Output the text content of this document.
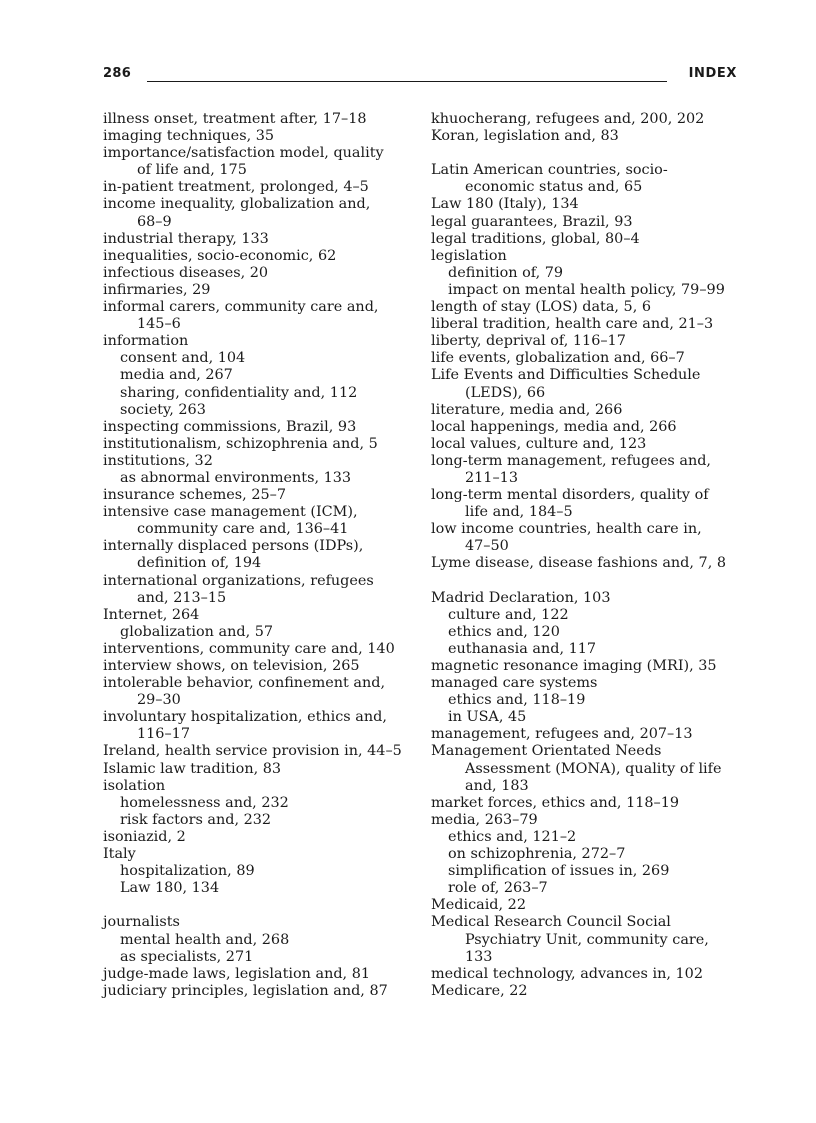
286	INDEX
illness onset, treatment after, 17–18
imaging techniques, 35
importance/satisfaction model, quality
of life and, 175
in-patient treatment, prolonged, 4–5
income inequality, globalization and,
68–9
industrial therapy, 133
inequalities, socio-economic, 62
infectious diseases, 20
infirmaries, 29
informal carers, community care and,
145–6
information
consent and, 104
media and, 267
sharing, confidentiality and, 112
society, 263
inspecting commissions, Brazil, 93
institutionalism, schizophrenia and, 5
institutions, 32
as abnormal environments, 133
insurance schemes, 25–7
intensive case management (ICM),
community care and, 136–41
internally displaced persons (IDPs),
definition of, 194
international organizations, refugees
and, 213–15
Internet, 264
globalization and, 57
interventions, community care and, 140
interview shows, on television, 265
intolerable behavior, confinement and,
29–30
involuntary hospitalization, ethics and,
116–17
Ireland, health service provision in, 44–5
Islamic law tradition, 83
isolation
homelessness and, 232
risk factors and, 232
isoniazid, 2
Italy
hospitalization, 89
Law 180, 134
journalists
mental health and, 268
as specialists, 271
judge-made laws, legislation and, 81
judiciary principles, legislation and, 87
khuocherang, refugees and, 200, 202
Koran, legislation and, 83
Latin American countries, socio-
economic status and, 65
Law 180 (Italy), 134
legal guarantees, Brazil, 93
legal traditions, global, 80–4
legislation
definition of, 79
impact on mental health policy, 79–99
length of stay (LOS) data, 5, 6
liberal tradition, health care and, 21–3
liberty, deprival of, 116–17
life events, globalization and, 66–7
Life Events and Difficulties Schedule
(LEDS), 66
literature, media and, 266
local happenings, media and, 266
local values, culture and, 123
long-term management, refugees and,
211–13
long-term mental disorders, quality of
life and, 184–5
low income countries, health care in,
47–50
Lyme disease, disease fashions and, 7, 8
Madrid Declaration, 103
culture and, 122
ethics and, 120
euthanasia and, 117
magnetic resonance imaging (MRI), 35
managed care systems
ethics and, 118–19
in USA, 45
management, refugees and, 207–13
Management Orientated Needs
Assessment (MONA), quality of life
and, 183
market forces, ethics and, 118–19
media, 263–79
ethics and, 121–2
on schizophrenia, 272–7
simplification of issues in, 269
role of, 263–7
Medicaid, 22
Medical Research Council Social
Psychiatry Unit, community care,
133
medical technology, advances in, 102
Medicare, 22
